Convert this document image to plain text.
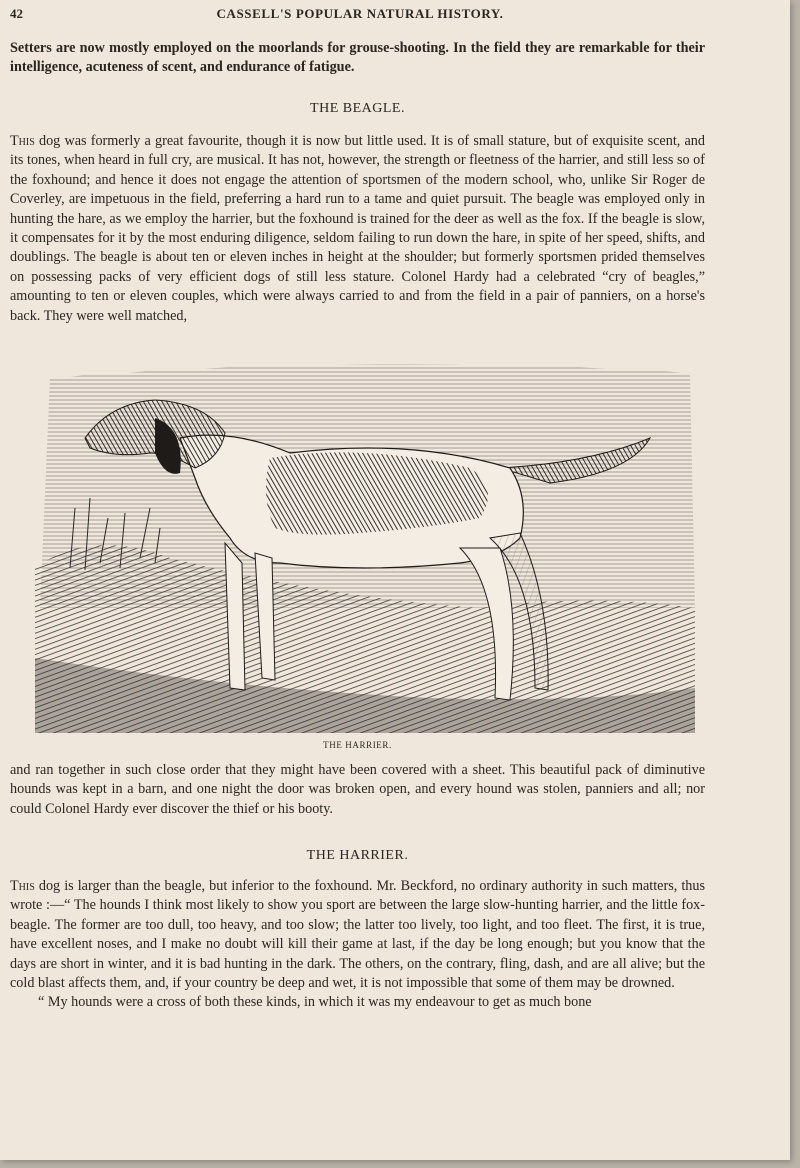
42	CASSELL'S POPULAR NATURAL HISTORY.

Setters are now mostly employed on the moorlands for grouse-shooting. In the field they are remarkable for their intelligence, acuteness of scent, and endurance of fatigue.

THE BEAGLE.

This dog was formerly a great favourite, though it is now but little used. It is of small stature, but of exquisite scent, and its tones, when heard in full cry, are musical. It has not, however, the strength or fleetness of the harrier, and still less so of the foxhound; and hence it does not engage the attention of sportsmen of the modern school, who, unlike Sir Roger de Coverley, are impetuous in the field, preferring a hard run to a tame and quiet pursuit. The beagle was employed only in hunting the hare, as we employ the harrier, but the foxhound is trained for the deer as well as the fox. If the beagle is slow, it compensates for it by the most enduring diligence, seldom failing to run down the hare, in spite of her speed, shifts, and doublings. The beagle is about ten or eleven inches in height at the shoulder; but formerly sportsmen prided themselves on possessing packs of very efficient dogs of still less stature. Colonel Hardy had a celebrated “cry of beagles,” amounting to ten or eleven couples, which were always carried to and from the field in a pair of panniers, on a horse's back. They were well matched,

THE HARRIER.

and ran together in such close order that they might have been covered with a sheet. This beautiful pack of diminutive hounds was kept in a barn, and one night the door was broken open, and every hound was stolen, panniers and all; nor could Colonel Hardy ever discover the thief or his booty.

THE HARRIER.

This dog is larger than the beagle, but inferior to the foxhound. Mr. Beckford, no ordinary authority in such matters, thus wrote :—“ The hounds I think most likely to show you sport are between the large slow-hunting harrier, and the little fox-beagle. The former are too dull, too heavy, and too slow; the latter too lively, too light, and too fleet. The first, it is true, have excellent noses, and I make no doubt will kill their game at last, if the day be long enough; but you know that the days are short in winter, and it is bad hunting in the dark. The others, on the contrary, fling, dash, and are all alive; but the cold blast affects them, and, if your country be deep and wet, it is not impossible that some of them may be drowned.

“ My hounds were a cross of both these kinds, in which it was my endeavour to get as much bone
